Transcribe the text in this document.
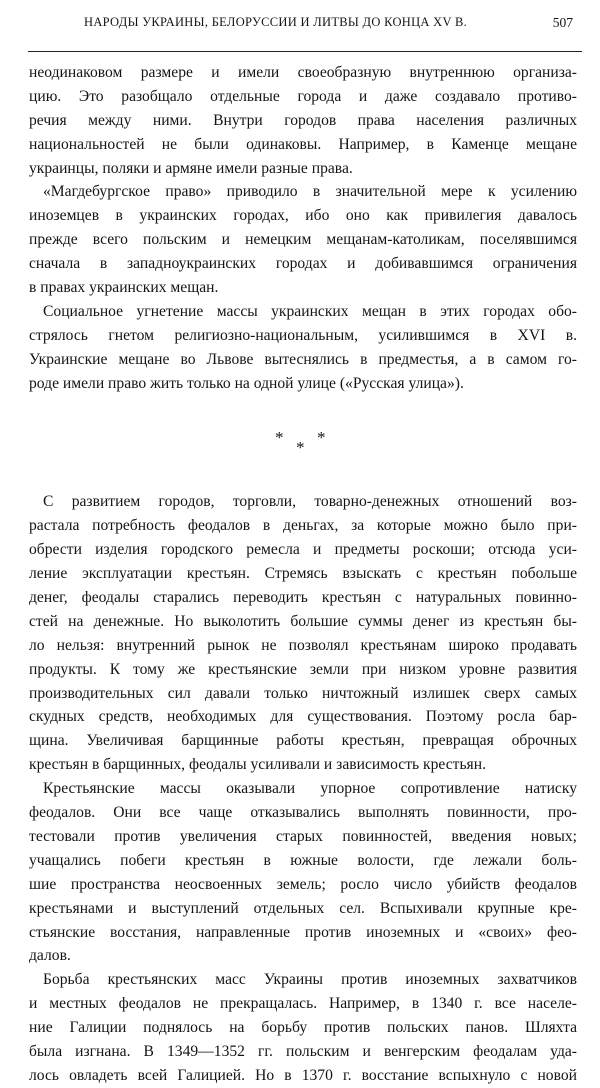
НАРОДЫ УКРАИНЫ, БЕЛОРУССИИ И ЛИТВЫ ДО КОНЦА XV В.	507
неодинаковом размере и имели своеобразную внутреннюю организа-
цию. Это разобщало отдельные города и даже создавало противо-
речия между ними. Внутри городов права населения различных
национальностей не были одинаковы. Например, в Каменце мещане
украинцы, поляки и армяне имели разные права.
«Магдебургское право» приводило в значительной мере к усилению
иноземцев в украинских городах, ибо оно как привилегия давалось
прежде всего польским и немецким мещанам-католикам, поселявшимся
сначала в западноукраинских городах и добивавшимся ограничения
в правах украинских мещан.
Социальное угнетение массы украинских мещан в этих городах обо-
стрялось гнетом религиозно-национальным, усилившимся в XVI в.
Украинские мещане во Львове вытеснялись в предместья, а в самом го-
роде имели право жить только на одной улице («Русская улица»).
*
*
*
С развитием городов, торговли, товарно-денежных отношений воз-
растала потребность феодалов в деньгах, за которые можно было при-
обрести изделия городского ремесла и предметы роскоши; отсюда уси-
ление эксплуатации крестьян. Стремясь взыскать с крестьян побольше
денег, феодалы старались переводить крестьян с натуральных повинно-
стей на денежные. Но выколотить большие суммы денег из крестьян бы-
ло нельзя: внутренний рынок не позволял крестьянам широко продавать
продукты. К тому же крестьянские земли при низком уровне развития
производительных сил давали только ничтожный излишек сверх самых
скудных средств, необходимых для существования. Поэтому росла бар-
щина. Увеличивая барщинные работы крестьян, превращая оброчных
крестьян в барщинных, феодалы усиливали и зависимость крестьян.
Крестьянские массы оказывали упорное сопротивление натиску
феодалов. Они все чаще отказывались выполнять повинности, про-
тестовали против увеличения старых повинностей, введения новых;
учащались побеги крестьян в южные волости, где лежали боль-
шие пространства неосвоенных земель; росло число убийств феодалов
крестьянами и выступлений отдельных сел. Вспыхивали крупные кре-
стьянские восстания, направленные против иноземных и «своих» фео-
далов.
Борьба крестьянских масс Украины против иноземных захватчиков
и местных феодалов не прекращалась. Например, в 1340 г. все населе-
ние Галиции поднялось на борьбу против польских панов. Шляхта
была изгнана. В 1349—1352 гг. польским и венгерским феодалам уда-
лось овладеть всей Галицией. Но в 1370 г. восстание вспыхнуло с новой
